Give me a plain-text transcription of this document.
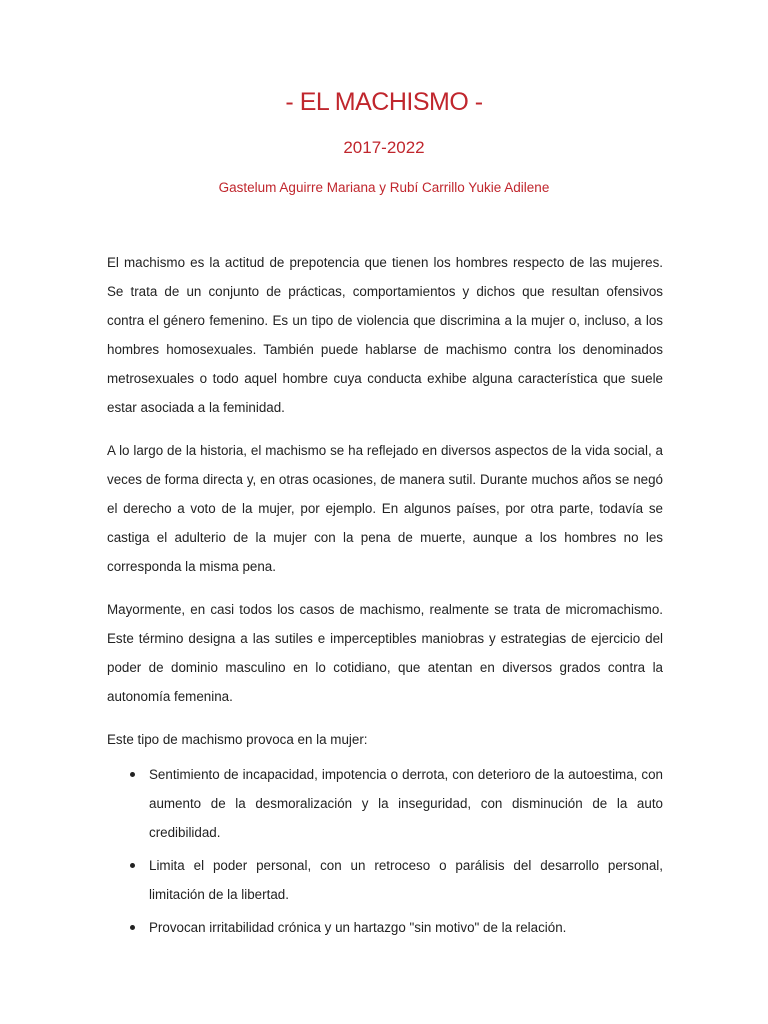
- EL MACHISMO -
2017-2022
Gastelum Aguirre Mariana y Rubí Carrillo Yukie Adilene

El machismo es la actitud de prepotencia que tienen los hombres respecto de las mujeres. Se trata de un conjunto de prácticas, comportamientos y dichos que resultan ofensivos contra el género femenino. Es un tipo de violencia que discrimina a la mujer o, incluso, a los hombres homosexuales. También puede hablarse de machismo contra los denominados metrosexuales o todo aquel hombre cuya conducta exhibe alguna característica que suele estar asociada a la feminidad.

A lo largo de la historia, el machismo se ha reflejado en diversos aspectos de la vida social, a veces de forma directa y, en otras ocasiones, de manera sutil. Durante muchos años se negó el derecho a voto de la mujer, por ejemplo. En algunos países, por otra parte, todavía se castiga el adulterio de la mujer con la pena de muerte, aunque a los hombres no les corresponda la misma pena.

Mayormente, en casi todos los casos de machismo, realmente se trata de micromachismo. Este término designa a las sutiles e imperceptibles maniobras y estrategias de ejercicio del poder de dominio masculino en lo cotidiano, que atentan en diversos grados contra la autonomía femenina.

Este tipo de machismo provoca en la mujer:

Sentimiento de incapacidad, impotencia o derrota, con deterioro de la autoestima, con aumento de la desmoralización y la inseguridad, con disminución de la auto credibilidad.
Limita el poder personal, con un retroceso o parálisis del desarrollo personal, limitación de la libertad.
Provocan irritabilidad crónica y un hartazgo "sin motivo" de la relación.
